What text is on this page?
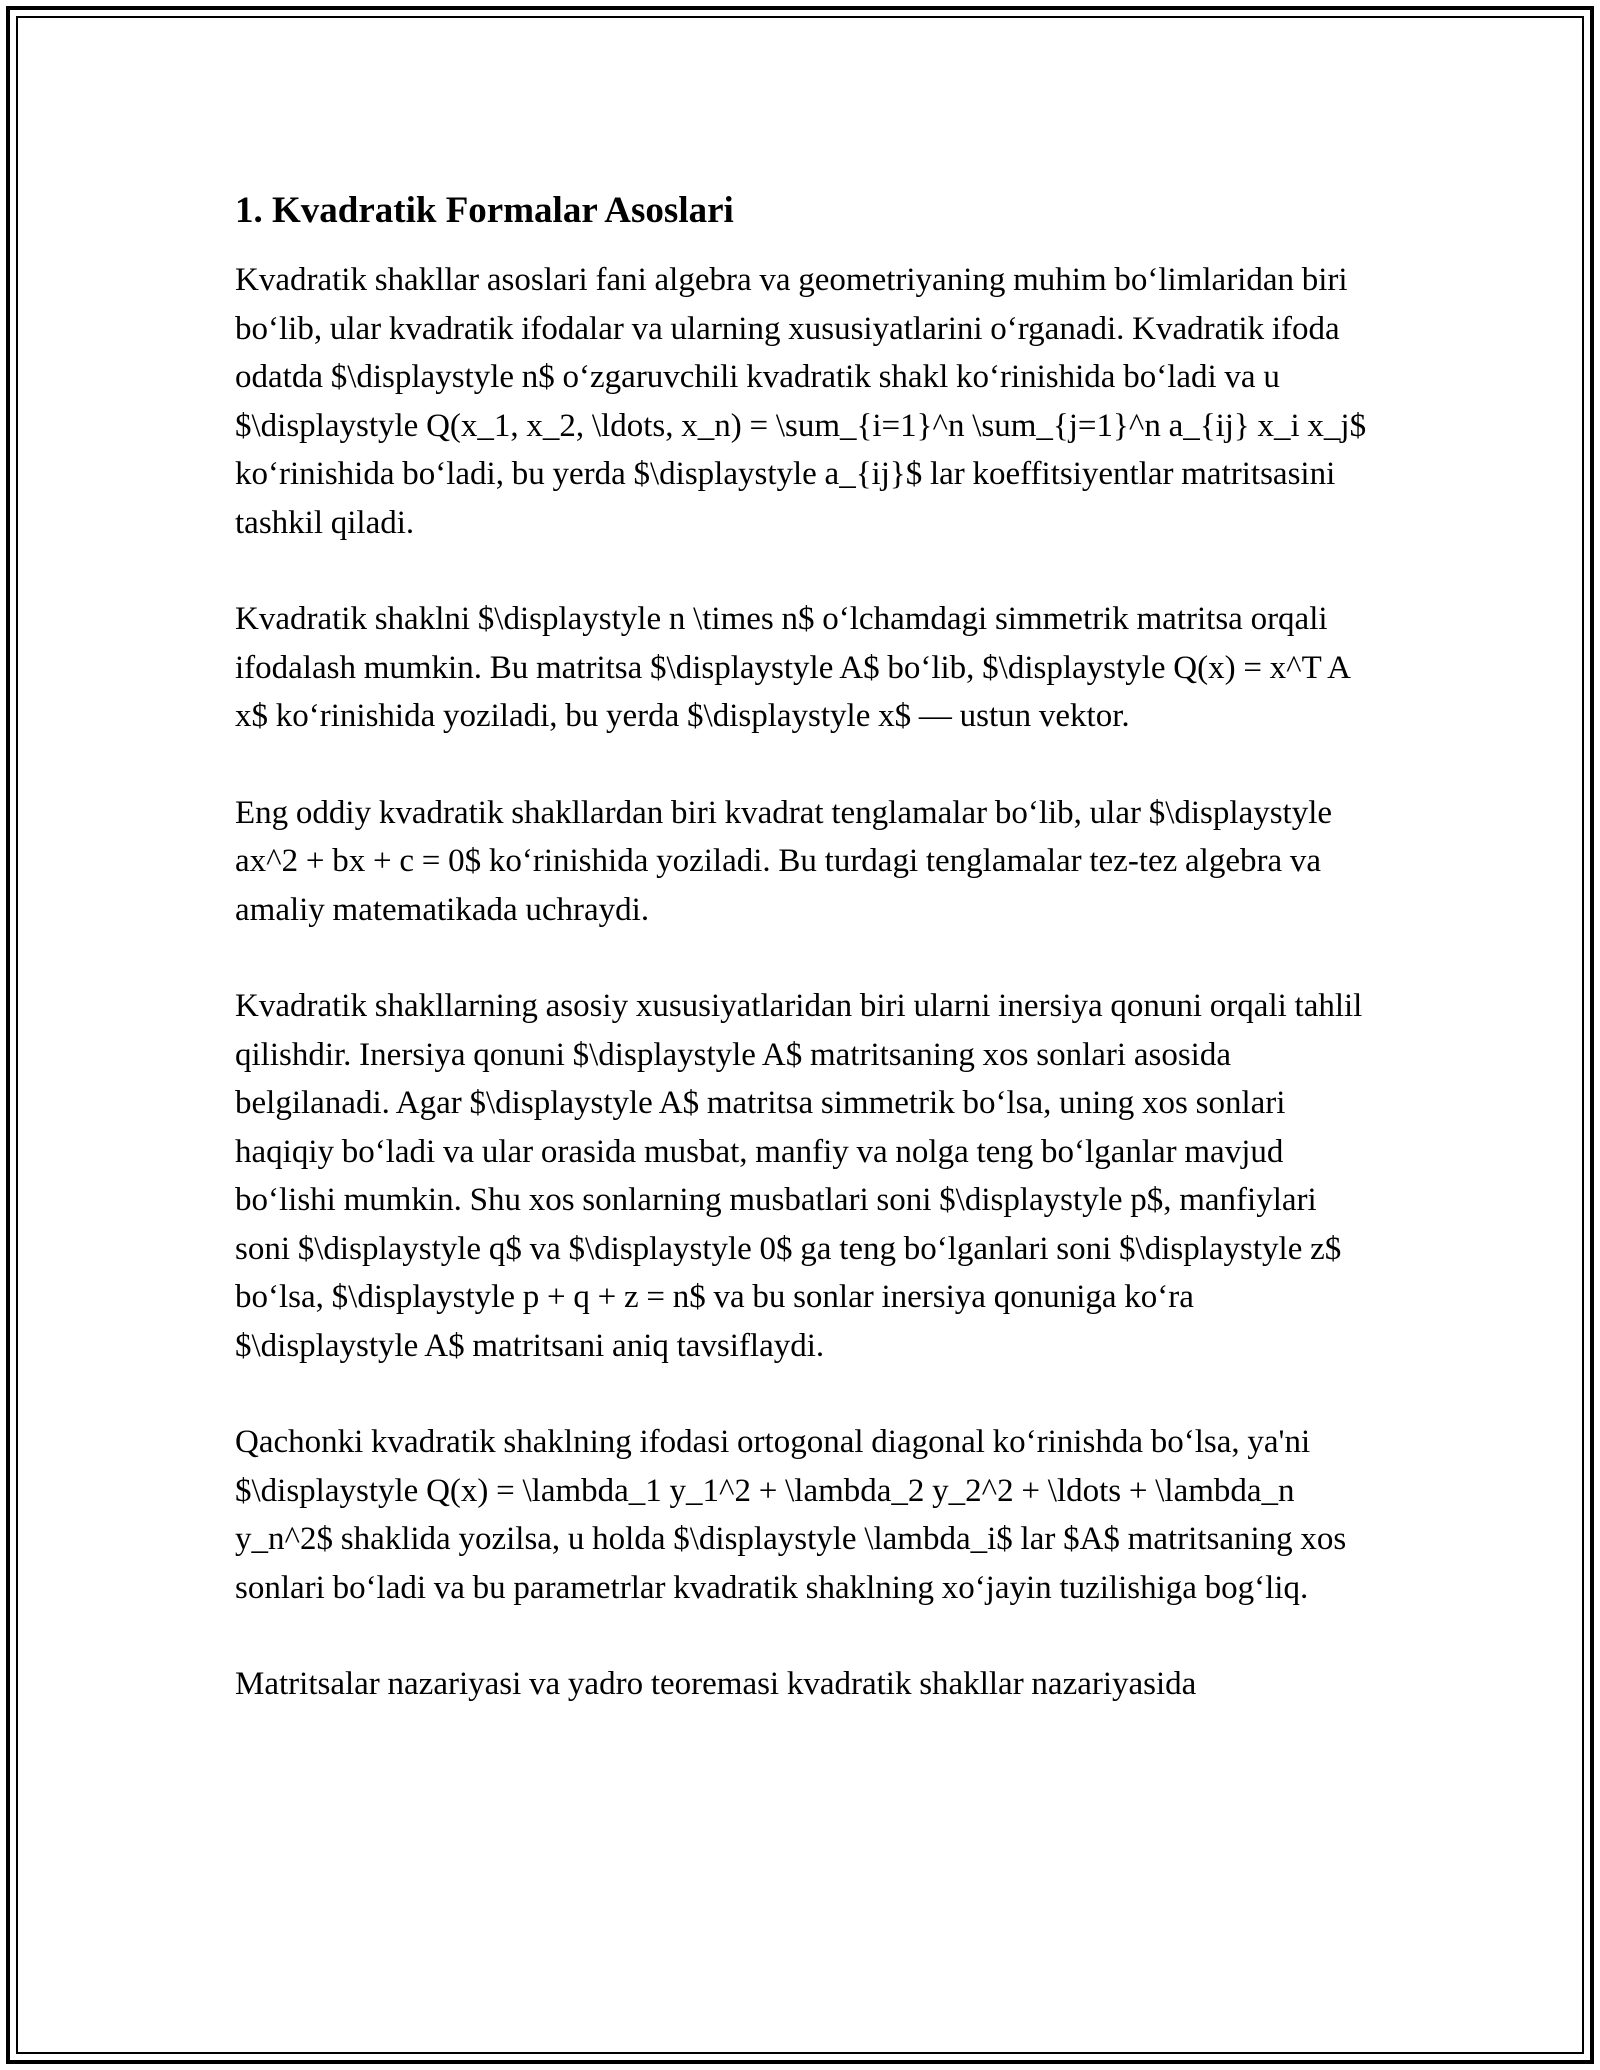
1. Kvadratik Formalar Asoslari

Kvadratik shakllar asoslari fani algebra va geometriyaning muhim bo‘limlaridan biri bo‘lib, ular kvadratik ifodalar va ularning xususiyatlarini o‘rganadi. Kvadratik ifoda odatda $\displaystyle n$ o‘zgaruvchili kvadratik shakl ko‘rinishida bo‘ladi va u $\displaystyle Q(x_1, x_2, \ldots, x_n) = \sum_{i=1}^n \sum_{j=1}^n a_{ij} x_i x_j$ ko‘rinishida bo‘ladi, bu yerda $\displaystyle a_{ij}$ lar koeffitsiyentlar matritsasini tashkil qiladi.

Kvadratik shaklni $\displaystyle n \times n$ o‘lchamdagi simmetrik matritsa orqali ifodalash mumkin. Bu matritsa $\displaystyle A$ bo‘lib, $\displaystyle Q(x) = x^T A x$ ko‘rinishida yoziladi, bu yerda $\displaystyle x$ — ustun vektor.

Eng oddiy kvadratik shakllardan biri kvadrat tenglamalar bo‘lib, ular $\displaystyle ax^2 + bx + c = 0$ ko‘rinishida yoziladi. Bu turdagi tenglamalar tez-tez algebra va amaliy matematikada uchraydi.

Kvadratik shakllarning asosiy xususiyatlaridan biri ularni inersiya qonuni orqali tahlil qilishdir. Inersiya qonuni $\displaystyle A$ matritsaning xos sonlari asosida belgilanadi. Agar $\displaystyle A$ matritsa simmetrik bo‘lsa, uning xos sonlari haqiqiy bo‘ladi va ular orasida musbat, manfiy va nolga teng bo‘lganlar mavjud bo‘lishi mumkin. Shu xos sonlarning musbatlari soni $\displaystyle p$, manfiylari soni $\displaystyle q$ va $\displaystyle 0$ ga teng bo‘lganlari soni $\displaystyle z$ bo‘lsa, $\displaystyle p + q + z = n$ va bu sonlar inersiya qonuniga ko‘ra $\displaystyle A$ matritsani aniq tavsiflaydi.

Qachonki kvadratik shaklning ifodasi ortogonal diagonal ko‘rinishda bo‘lsa, ya'ni $\displaystyle Q(x) = \lambda_1 y_1^2 + \lambda_2 y_2^2 + \ldots + \lambda_n y_n^2$ shaklida yozilsa, u holda $\displaystyle \lambda_i$ lar $A$ matritsaning xos sonlari bo‘ladi va bu parametrlar kvadratik shaklning xo‘jayin tuzilishiga bog‘liq.

Matritsalar nazariyasi va yadro teoremasi kvadratik shakllar nazariyasida
